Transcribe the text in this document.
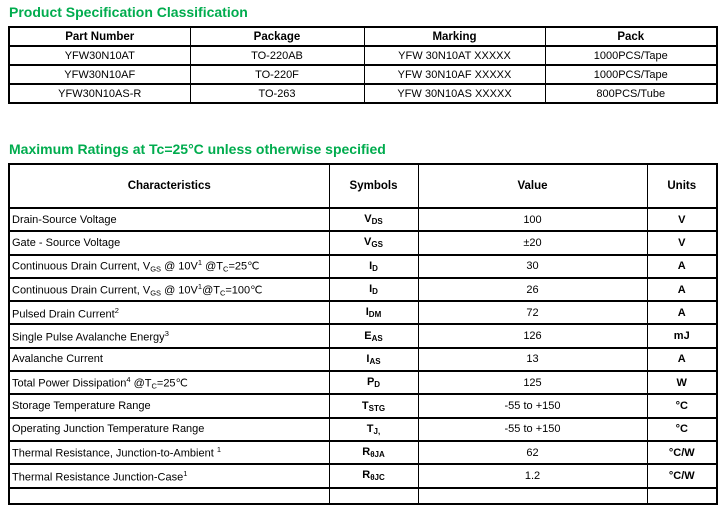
Product Specification Classification
Part Number	Package	Marking	Pack
YFW30N10AT	TO-220AB	YFW 30N10AT XXXXX	1000PCS/Tape
YFW30N10AF	TO-220F	YFW 30N10AF XXXXX	1000PCS/Tape
YFW30N10AS-R	TO-263	YFW 30N10AS XXXXX	800PCS/Tube
Maximum Ratings at Tc=25°C unless otherwise specified
Characteristics	Symbols	Value	Units
Drain-Source Voltage	VDS	100	V
Gate - Source Voltage	VGS	±20	V
Continuous Drain Current, VGS @ $10V^1$ @TC=25℃	ID	30	A
Continuous Drain Current, VGS @ $10V^1@TC=100℃$	ID	26	A
Pulsed Drain Current$^2$	IDM	72	A
Single Pulse Avalanche Energy$^3$	EAS	126	mJ
Avalanche Current	IAS	13	A
Total Power Dissipation$^4$ @TC=25℃	PD	125	W
Storage Temperature Range	TSTG	-55 to +150	°C
Operating Junction Temperature Range	TJ,	-55 to +150	°C
Thermal Resistance, Junction-to-Ambient $^1$	RθJA	62	°C/W
Thermal Resistance Junction-Case$^1$	RθJC	1.2	°C/W
